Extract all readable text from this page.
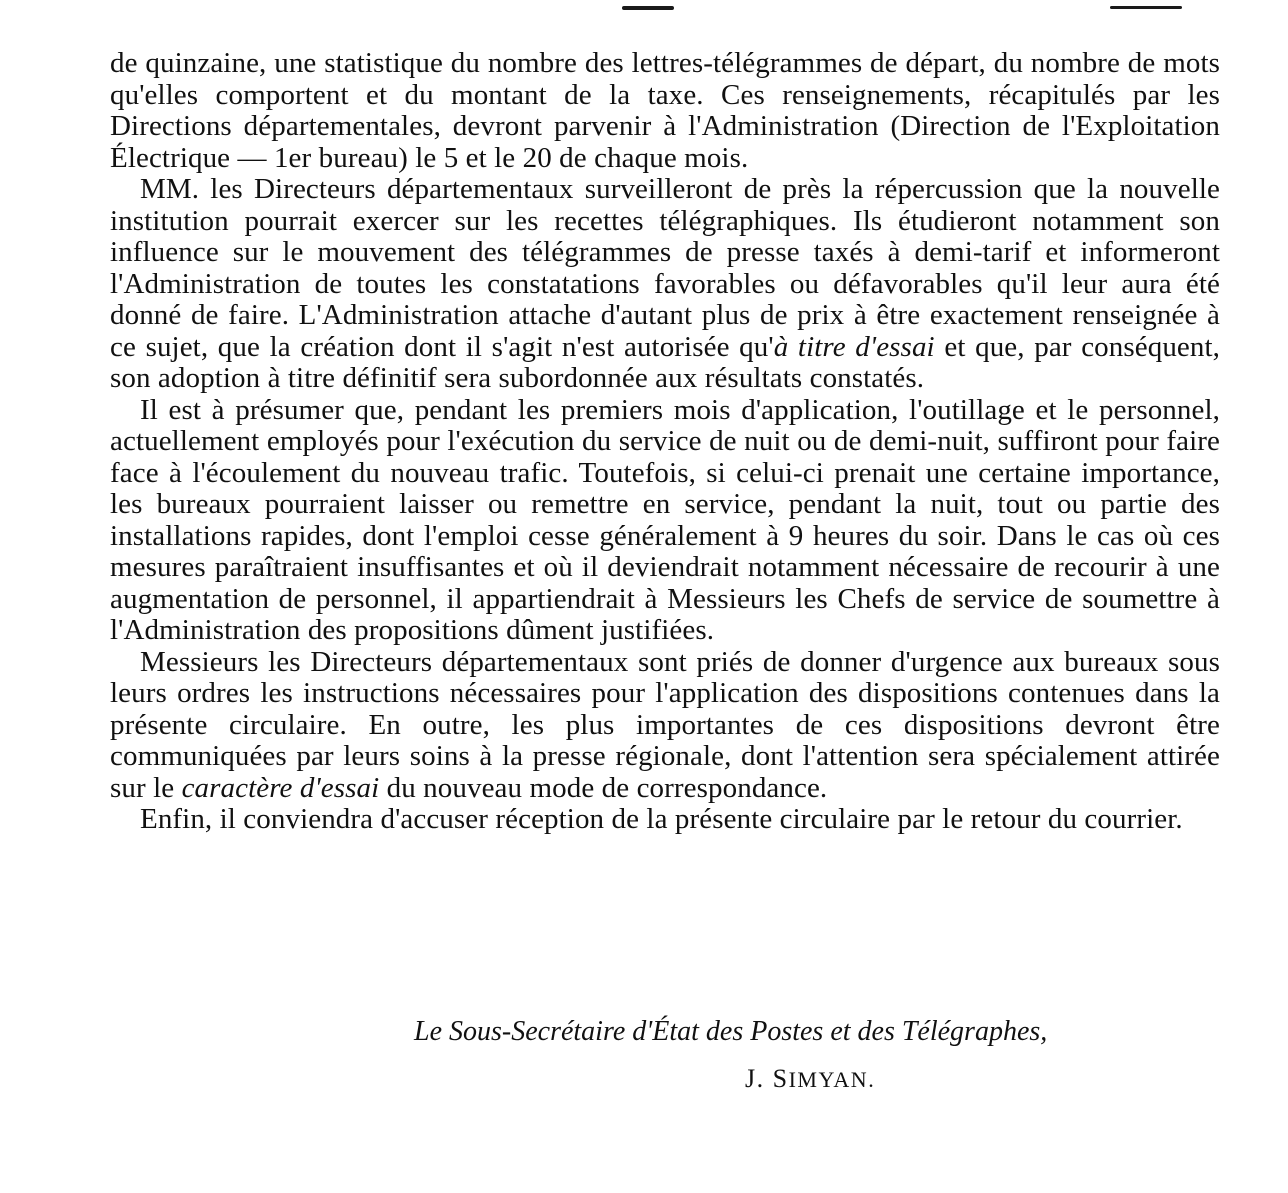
de quinzaine, une statistique du nombre des lettres-télégrammes de départ, du nombre de mots qu'elles comportent et du montant de la taxe. Ces renseignements, récapitulés par les Directions départementales, devront parvenir à l'Administration (Direction de l'Exploitation Électrique — 1er bureau) le 5 et le 20 de chaque mois.

MM. les Directeurs départementaux surveilleront de près la répercussion que la nouvelle institution pourrait exercer sur les recettes télégraphiques. Ils étudieront notamment son influence sur le mouvement des télégrammes de presse taxés à demi-tarif et informeront l'Administration de toutes les constatations favorables ou défavorables qu'il leur aura été donné de faire. L'Administration attache d'autant plus de prix à être exactement renseignée à ce sujet, que la création dont il s'agit n'est autorisée qu'à titre d'essai et que, par conséquent, son adoption à titre définitif sera subordonnée aux résultats constatés.

Il est à présumer que, pendant les premiers mois d'application, l'outillage et le personnel, actuellement employés pour l'exécution du service de nuit ou de demi-nuit, suffiront pour faire face à l'écoulement du nouveau trafic. Toutefois, si celui-ci prenait une certaine importance, les bureaux pourraient laisser ou remettre en service, pendant la nuit, tout ou partie des installations rapides, dont l'emploi cesse généralement à 9 heures du soir. Dans le cas où ces mesures paraîtraient insuffisantes et où il deviendrait notamment nécessaire de recourir à une augmentation de personnel, il appartiendrait à Messieurs les Chefs de service de soumettre à l'Administration des propositions dûment justifiées.

Messieurs les Directeurs départementaux sont priés de donner d'urgence aux bureaux sous leurs ordres les instructions nécessaires pour l'application des dispositions contenues dans la présente circulaire. En outre, les plus importantes de ces dispositions devront être communiquées par leurs soins à la presse régionale, dont l'attention sera spécialement attirée sur le caractère d'essai du nouveau mode de correspondance.

Enfin, il conviendra d'accuser réception de la présente circulaire par le retour du courrier.

Le Sous-Secrétaire d'État des Postes et des Télégraphes,
J. SIMYAN.
